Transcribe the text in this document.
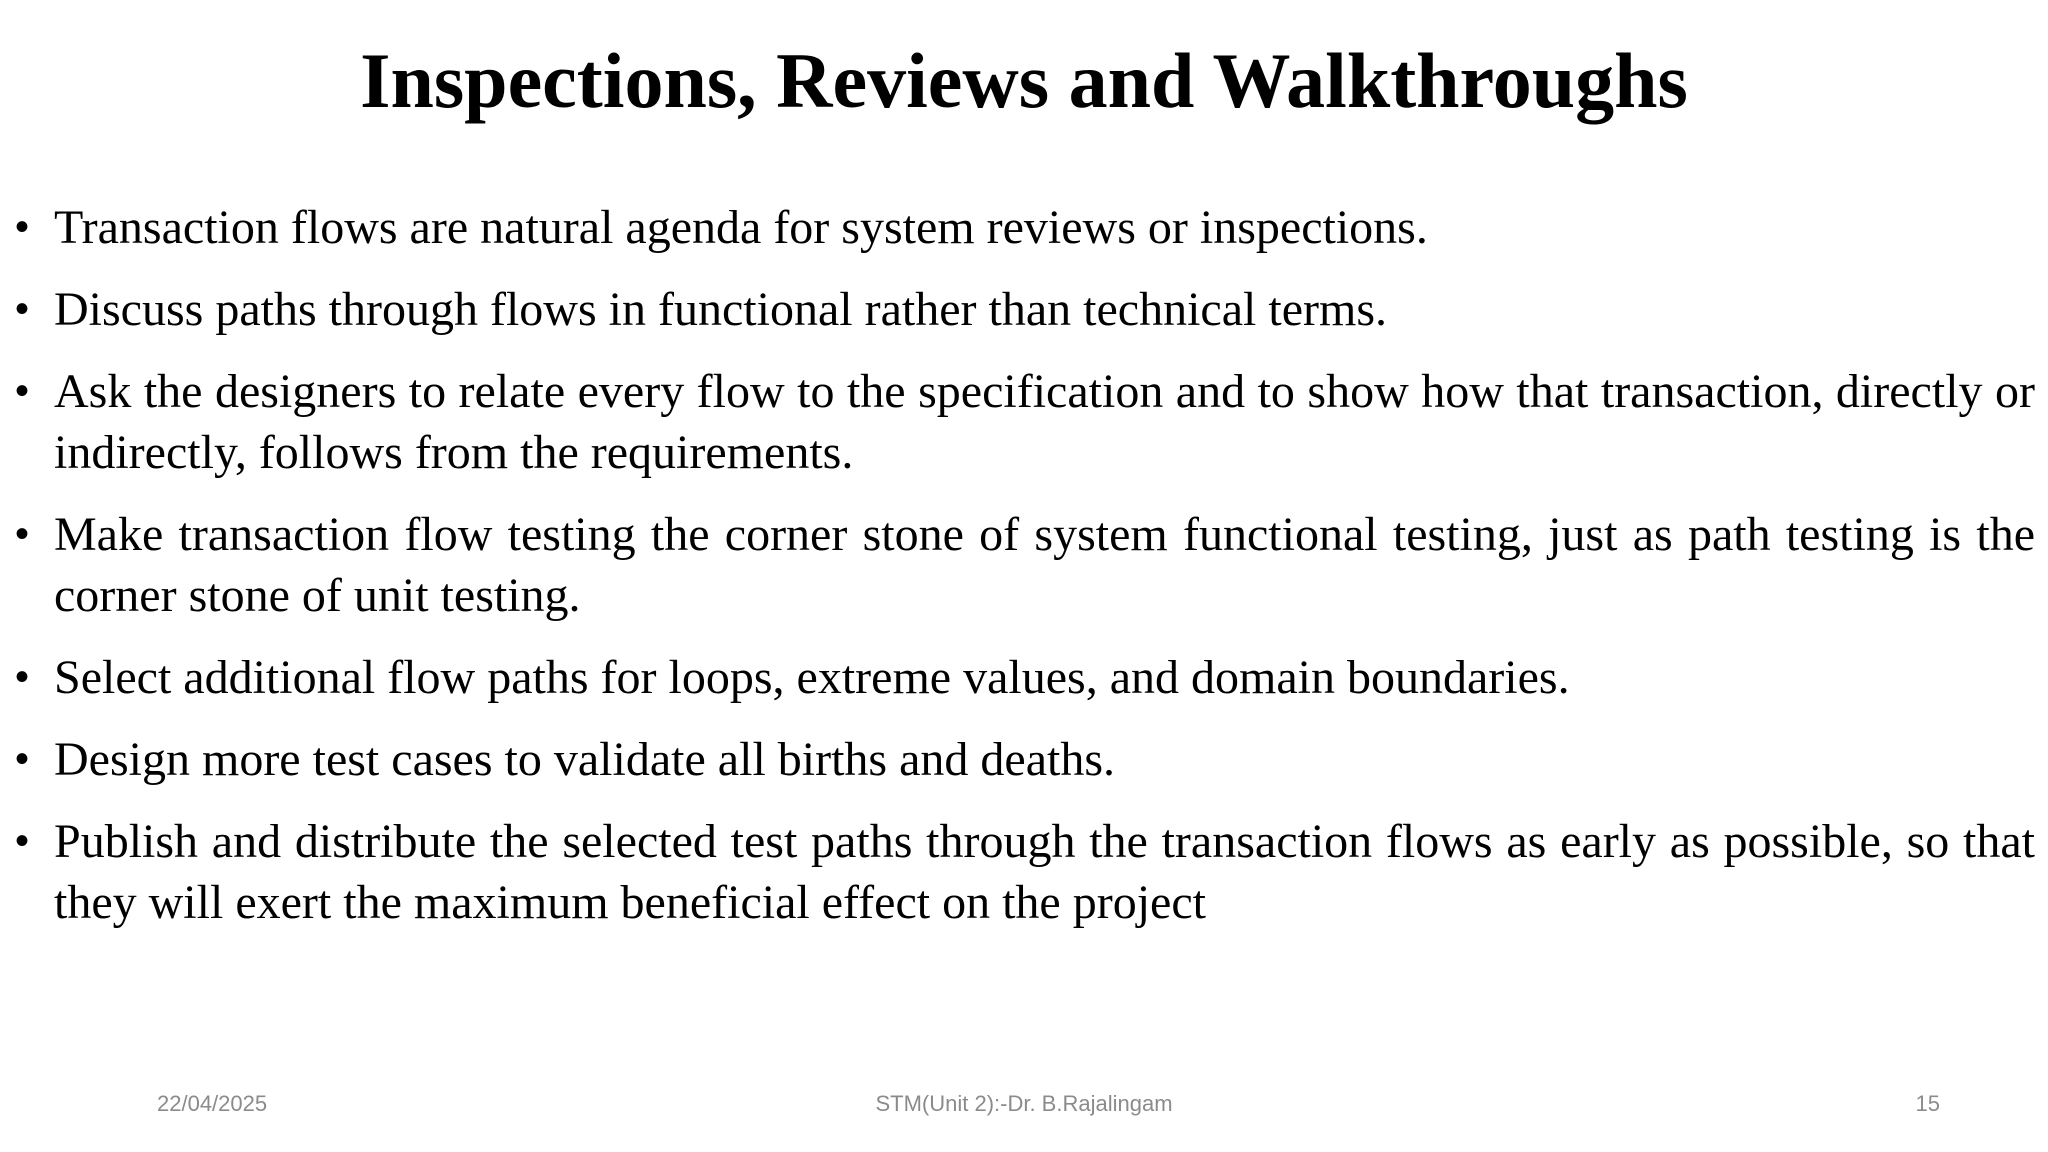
Inspections, Reviews and Walkthroughs
• Transaction flows are natural agenda for system reviews or inspections.
• Discuss paths through flows in functional rather than technical terms.
• Ask the designers to relate every flow to the specification and to show how that transaction, directly or indirectly, follows from the requirements.
• Make transaction flow testing the corner stone of system functional testing, just as path testing is the corner stone of unit testing.
• Select additional flow paths for loops, extreme values, and domain boundaries.
• Design more test cases to validate all births and deaths.
• Publish and distribute the selected test paths through the transaction flows as early as possible, so that they will exert the maximum beneficial effect on the project
22/04/2025	STM(Unit 2):-Dr. B.Rajalingam	15
